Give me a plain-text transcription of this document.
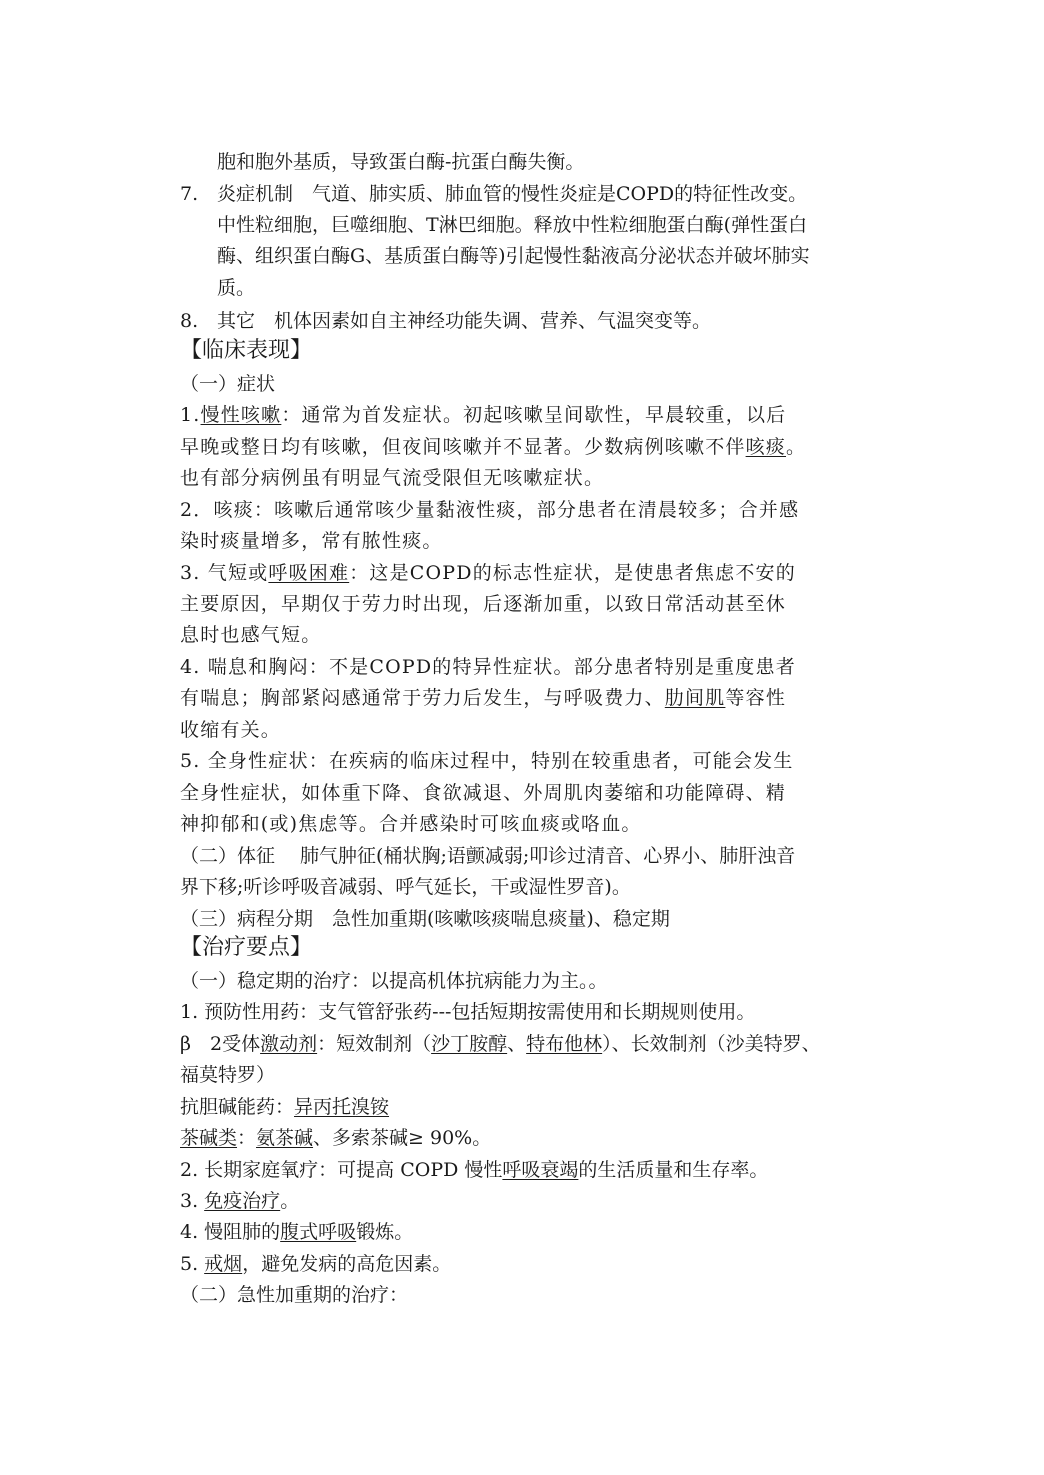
胞和胞外基质，导致蛋白酶-抗蛋白酶失衡。
7. 炎症机制　气道、肺实质、肺血管的慢性炎症是COPD的特征性改变。
中性粒细胞，巨噬细胞、T淋巴细胞。释放中性粒细胞蛋白酶(弹性蛋白
酶、组织蛋白酶G、基质蛋白酶等)引起慢性黏液高分泌状态并破坏肺实
质。
8. 其它　机体因素如自主神经功能失调、营养、气温突变等。
【临床表现】
（一）症状
1.慢性咳嗽：通常为首发症状。初起咳嗽呈间歇性，早晨较重，以后
早晚或整日均有咳嗽，但夜间咳嗽并不显著。少数病例咳嗽不伴咳痰。
也有部分病例虽有明显气流受限但无咳嗽症状。
2．咳痰：咳嗽后通常咳少量黏液性痰，部分患者在清晨较多；合并感
染时痰量增多，常有脓性痰。
3. 气短或呼吸困难：这是COPD的标志性症状，是使患者焦虑不安的
主要原因，早期仅于劳力时出现，后逐渐加重，以致日常活动甚至休
息时也感气短。
4. 喘息和胸闷：不是COPD的特异性症状。部分患者特别是重度患者
有喘息；胸部紧闷感通常于劳力后发生，与呼吸费力、肋间肌等容性
收缩有关。
5. 全身性症状：在疾病的临床过程中，特别在较重患者，可能会发生
全身性症状，如体重下降、食欲减退、外周肌肉萎缩和功能障碍、精
神抑郁和(或)焦虑等。合并感染时可咳血痰或咯血。
（二）体征　 肺气肿征(桶状胸;语颤减弱;叩诊过清音、心界小、肺肝浊音
界下移;听诊呼吸音减弱、呼气延长，干或湿性罗音)。
（三）病程分期　急性加重期(咳嗽咳痰喘息痰量)、稳定期
【治疗要点】
（一）稳定期的治疗：以提高机体抗病能力为主。。
1. 预防性用药：支气管舒张药---包括短期按需使用和长期规则使用。
β　2受体激动剂：短效制剂（沙丁胺醇、特布他林）、长效制剂（沙美特罗、
福莫特罗）
抗胆碱能药：异丙托溴铵
茶碱类：氨茶碱、多索茶碱≥ 90%。
2. 长期家庭氧疗：可提高 COPD 慢性呼吸衰竭的生活质量和生存率。
3. 免疫治疗。
4. 慢阻肺的腹式呼吸锻炼。
5. 戒烟，避免发病的高危因素。
（二）急性加重期的治疗：
